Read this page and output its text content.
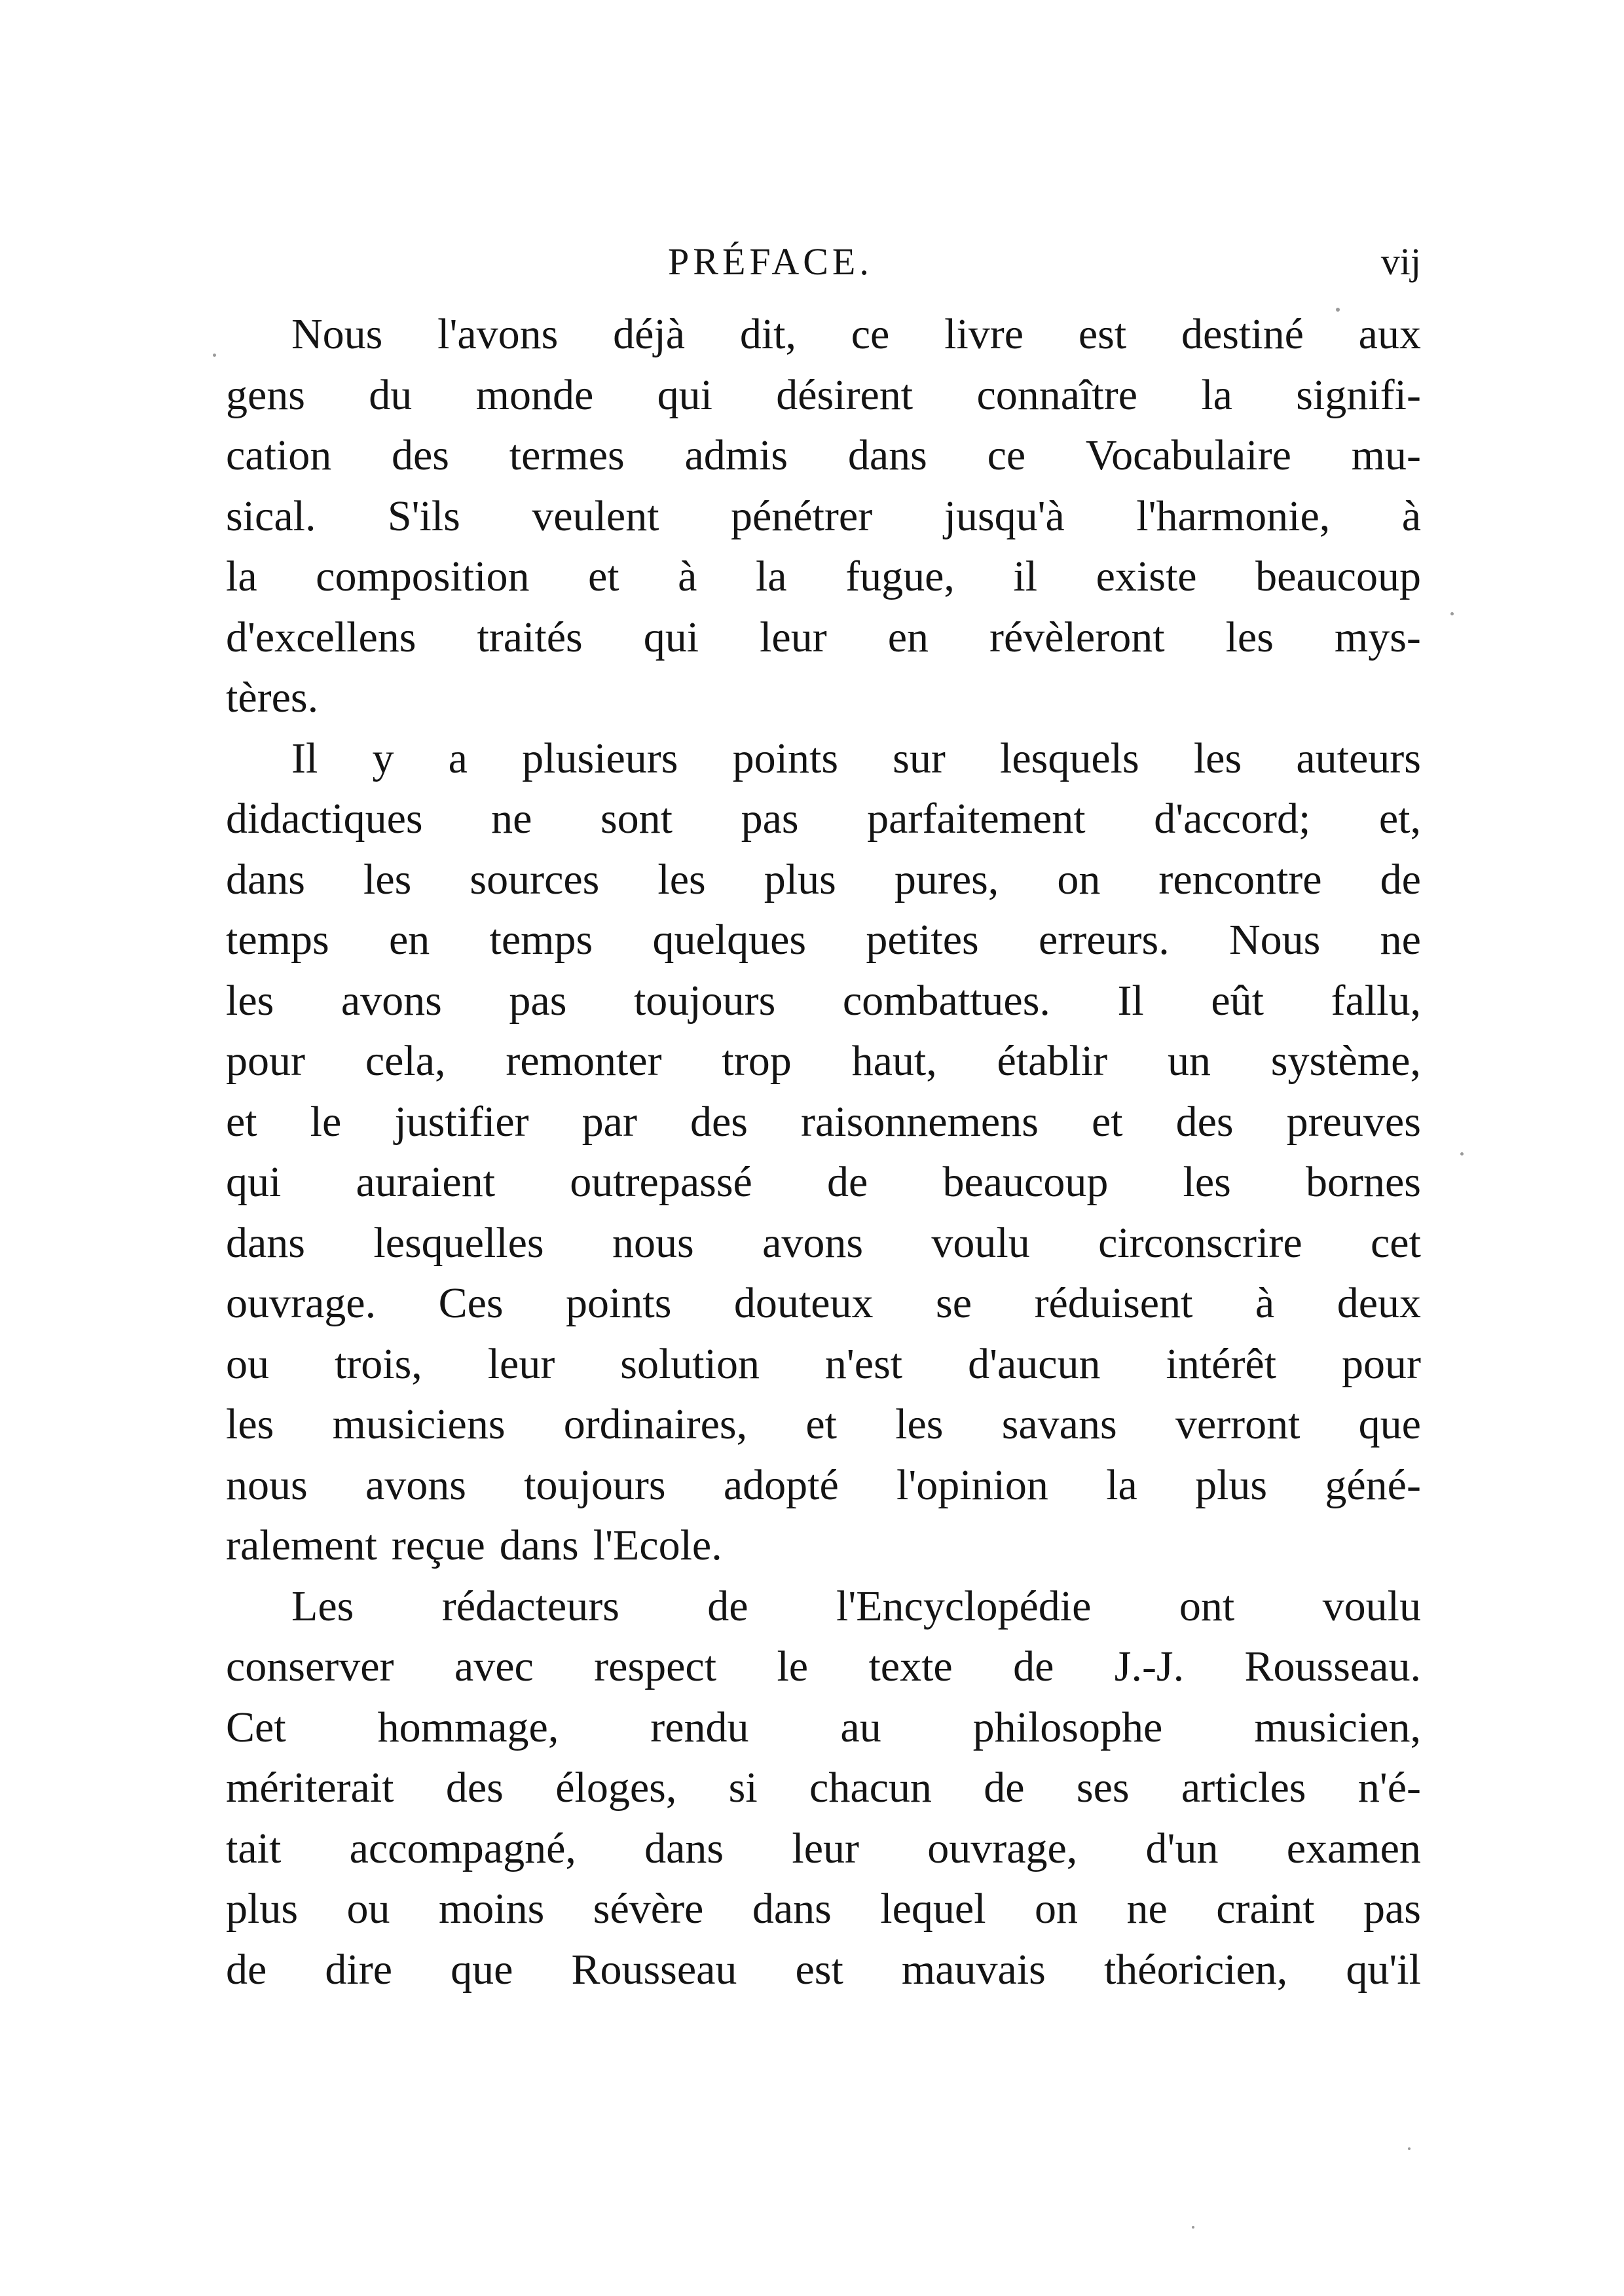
PRÉFACE.	vij
Nous l'avons déjà dit, ce livre est destiné aux
gens du monde qui désirent connaître la signifi-
cation des termes admis dans ce Vocabulaire mu-
sical. S'ils veulent pénétrer jusqu'à l'harmonie, à
la composition et à la fugue, il existe beaucoup
d'excellens traités qui leur en révèleront les mys-
tères.
Il y a plusieurs points sur lesquels les auteurs
didactiques ne sont pas parfaitement d'accord; et,
dans les sources les plus pures, on rencontre de
temps en temps quelques petites erreurs. Nous ne
les avons pas toujours combattues. Il eût fallu,
pour cela, remonter trop haut, établir un système,
et le justifier par des raisonnemens et des preuves
qui auraient outrepassé de beaucoup les bornes
dans lesquelles nous avons voulu circonscrire cet
ouvrage. Ces points douteux se réduisent à deux
ou trois, leur solution n'est d'aucun intérêt pour
les musiciens ordinaires, et les savans verront que
nous avons toujours adopté l'opinion la plus géné-
ralement reçue dans l'Ecole.
Les rédacteurs de l'Encyclopédie ont voulu
conserver avec respect le texte de J.-J. Rousseau.
Cet hommage, rendu au philosophe musicien,
mériterait des éloges, si chacun de ses articles n'é-
tait accompagné, dans leur ouvrage, d'un examen
plus ou moins sévère dans lequel on ne craint pas
de dire que Rousseau est mauvais théoricien, qu'il
